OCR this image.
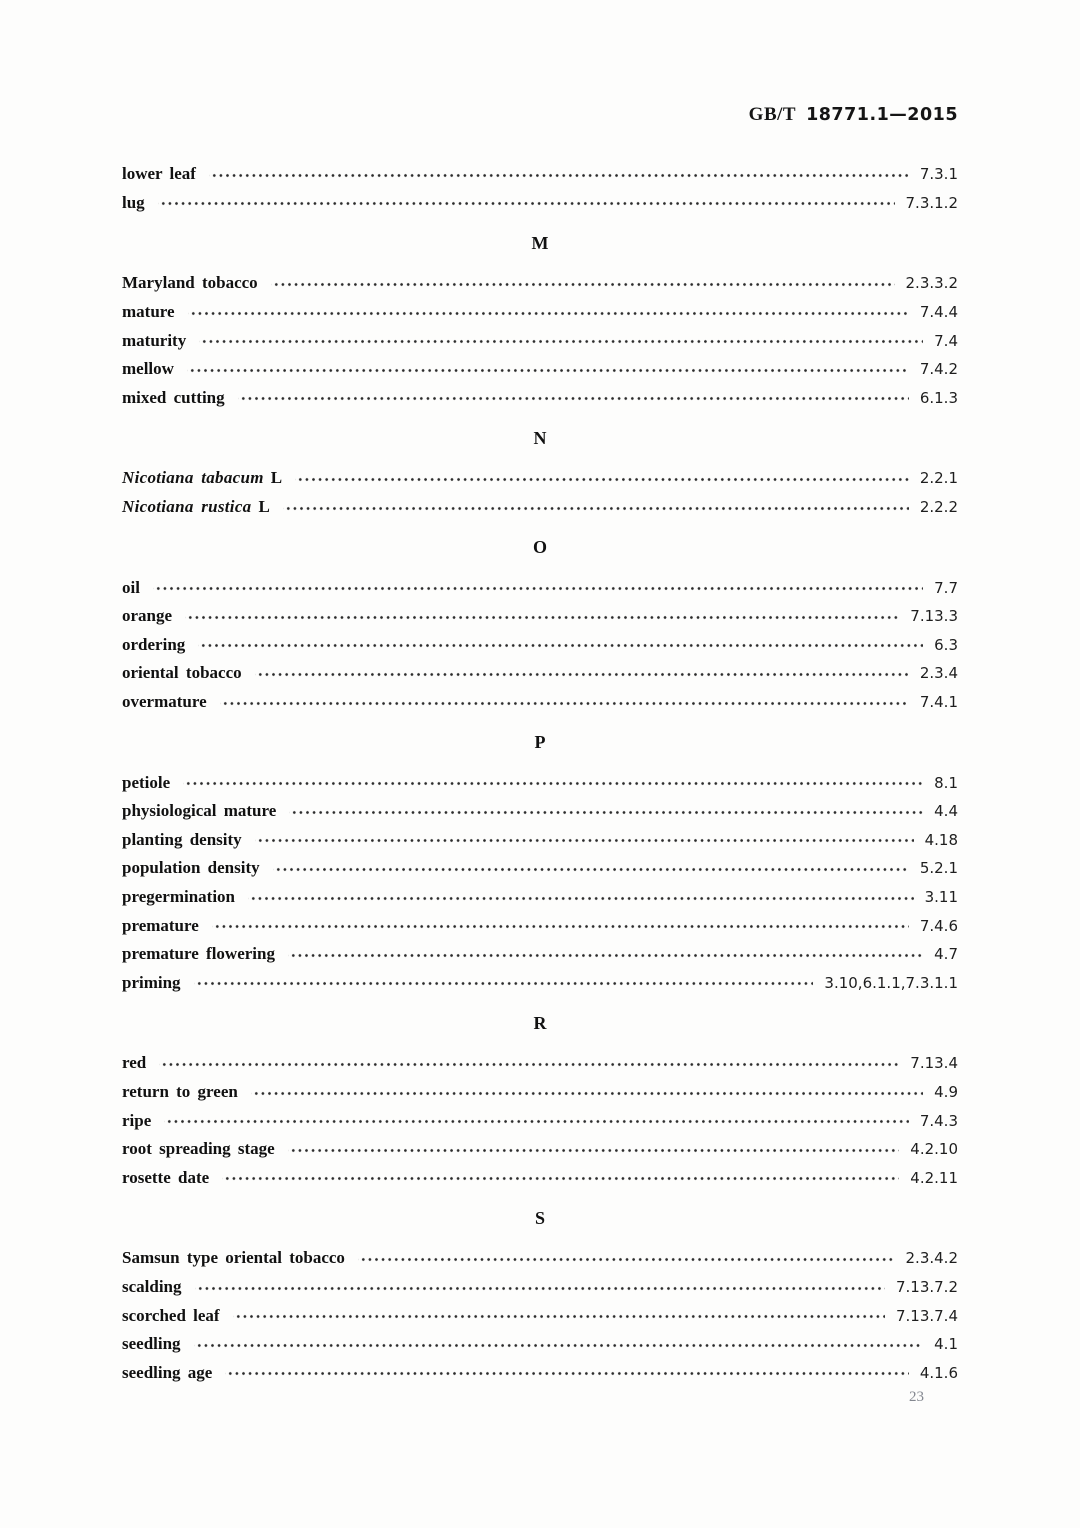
GB/T 18771.1—2015
lower leaf	7.3.1
lug	7.3.1.2
M
Maryland tobacco	2.3.3.2
mature	7.4.4
maturity	7.4
mellow	7.4.2
mixed cutting	6.1.3
N
Nicotiana tabacum L	2.2.1
Nicotiana rustica L	2.2.2
O
oil	7.7
orange	7.13.3
ordering	6.3
oriental tobacco	2.3.4
overmature	7.4.1
P
petiole	8.1
physiological mature	4.4
planting density	4.18
population density	5.2.1
pregermination	3.11
premature	7.4.6
premature flowering	4.7
priming	3.10,6.1.1,7.3.1.1
R
red	7.13.4
return to green	4.9
ripe	7.4.3
root spreading stage	4.2.10
rosette date	4.2.11
S
Samsun type oriental tobacco	2.3.4.2
scalding	7.13.7.2
scorched leaf	7.13.7.4
seedling	4.1
seedling age	4.1.6
23
